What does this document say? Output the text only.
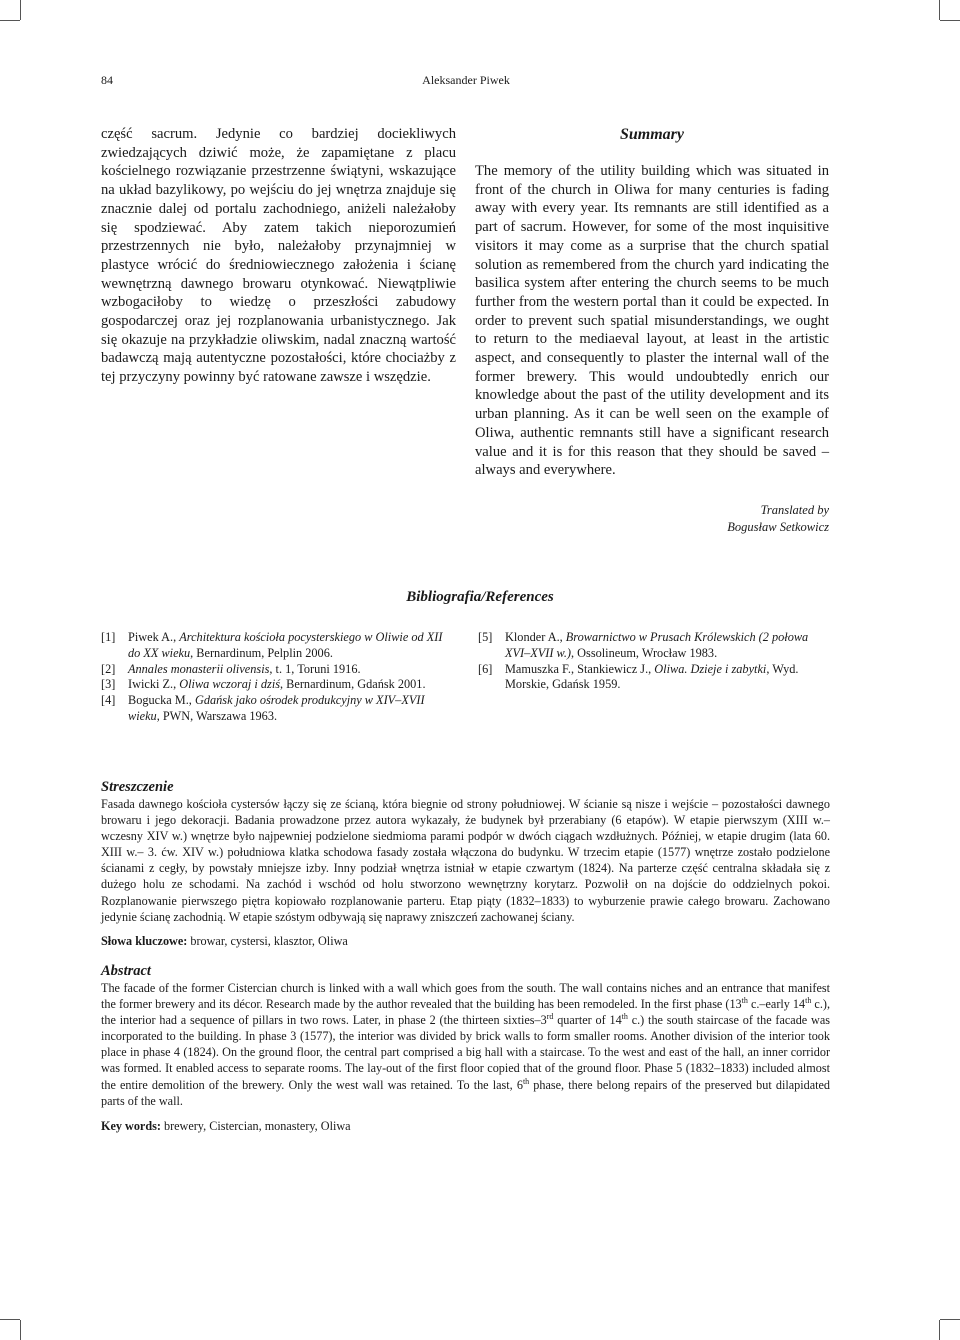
84	Aleksander Piwek
część sacrum. Jedynie co bardziej dociekliwych zwiedzających dziwić może, że zapamiętane z placu kościelnego rozwiązanie przestrzenne świątyni, wskazujące na układ bazylikowy, po wejściu do jej wnętrza znajduje się znacznie dalej od portalu zachodniego, aniżeli należałoby się spodziewać. Aby zatem takich nieporozumień przestrzennych nie było, należałoby przynajmniej w plastyce wrócić do średniowiecznego założenia i ścianę wewnętrzną dawnego browaru otynkować. Niewątpliwie wzbogaciłoby to wiedzę o przeszłości zabudowy gospodarczej oraz jej rozplanowania urbanistycznego. Jak się okazuje na przykładzie oliwskim, nadal znaczną wartość badawczą mają autentyczne pozostałości, które chociażby z tej przyczyny powinny być ratowane zawsze i wszędzie.
Summary
The memory of the utility building which was situated in front of the church in Oliwa for many centuries is fading away with every year. Its remnants are still identified as a part of sacrum. However, for some of the most inquisitive visitors it may come as a surprise that the church spatial solution as remembered from the church yard indicating the basilica system after entering the church seems to be much further from the western portal than it could be expected. In order to prevent such spatial misunderstandings, we ought to return to the mediaeval layout, at least in the artistic aspect, and consequently to plaster the internal wall of the former brewery. This would undoubtedly enrich our knowledge about the past of the utility development and its urban planning. As it can be well seen on the example of Oliwa, authentic remnants still have a significant research value and it is for this reason that they should be saved – always and everywhere.
Translated by
Bogusław Setkowicz
Bibliografia/References
[1]	Piwek A., Architektura kościoła pocysterskiego w Oliwie od XII do XX wieku, Bernardinum, Pelplin 2006.
[2]	Annales monasterii olivensis, t. 1, Toruni 1916.
[3]	Iwicki Z., Oliwa wczoraj i dziś, Bernardinum, Gdańsk 2001.
[4]	Bogucka M., Gdańsk jako ośrodek produkcyjny w XIV–XVII wieku, PWN, Warszawa 1963.
[5]	Klonder A., Browarnictwo w Prusach Królewskich (2 połowa XVI–XVII w.), Ossolineum, Wrocław 1983.
[6]	Mamuszka F., Stankiewicz J., Oliwa. Dzieje i zabytki, Wyd. Morskie, Gdańsk 1959.
Streszczenie
Fasada dawnego kościoła cystersów łączy się ze ścianą, która biegnie od strony południowej. W ścianie są nisze i wejście – pozostałości dawnego browaru i jego dekoracji. Badania prowadzone przez autora wykazały, że budynek był przerabiany (6 etapów). W etapie pierwszym (XIII w.–wczesny XIV w.) wnętrze było najpewniej podzielone siedmioma parami podpór w dwóch ciągach wzdłużnych. Później, w etapie drugim (lata 60. XIII w.– 3. ćw. XIV w.) południowa klatka schodowa fasady została włączona do budynku. W trzecim etapie (1577) wnętrze zostało podzielone ścianami z cegły, by powstały mniejsze izby. Inny podział wnętrza istniał w etapie czwartym (1824). Na parterze część centralna składała się z dużego holu ze schodami. Na zachód i wschód od holu stworzono wewnętrzny korytarz. Pozwolił on na dojście do oddzielnych pokoi. Rozplanowanie pierwszego piętra kopiowało rozplanowanie parteru. Etap piąty (1832–1833) to wyburzenie prawie całego browaru. Zachowano jedynie ścianę zachodnią. W etapie szóstym odbywają się naprawy zniszczeń zachowanej ściany.
Słowa kluczowe: browar, cystersi, klasztor, Oliwa
Abstract
The facade of the former Cistercian church is linked with a wall which goes from the south. The wall contains niches and an entrance that manifest the former brewery and its décor. Research made by the author revealed that the building has been remodeled. In the first phase (13th c.–early 14th c.), the interior had a sequence of pillars in two rows. Later, in phase 2 (the thirteen sixties–3rd quarter of 14th c.) the south staircase of the facade was incorporated to the building. In phase 3 (1577), the interior was divided by brick walls to form smaller rooms. Another division of the interior took place in phase 4 (1824). On the ground floor, the central part comprised a big hall with a staircase. To the west and east of the hall, an inner corridor was formed. It enabled access to separate rooms. The lay-out of the first floor copied that of the ground floor. Phase 5 (1832–1833) included almost the entire demolition of the brewery. Only the west wall was retained. To the last, 6th phase, there belong repairs of the preserved but dilapidated parts of the wall.
Key words: brewery, Cistercian, monastery, Oliwa
